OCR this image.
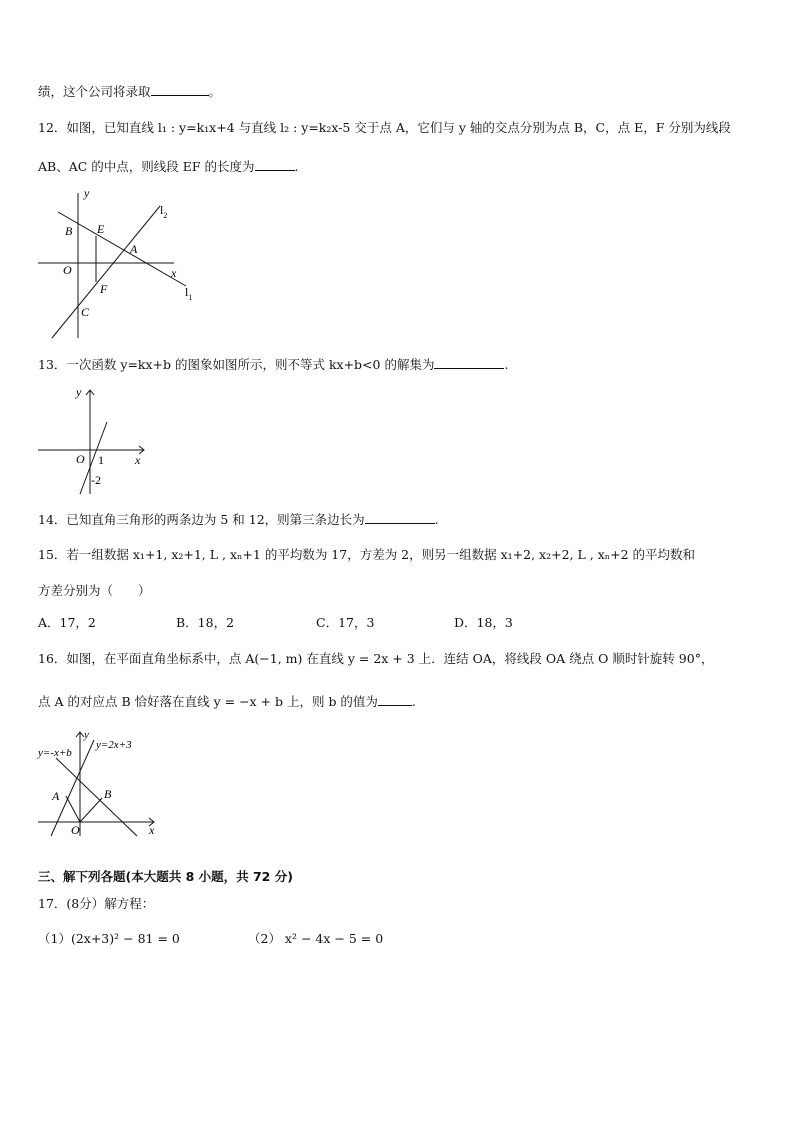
绩，这个公司将录取	。
12．如图，已知直线 l₁ : y=k₁x+4 与直线 l₂ : y=k₂x-5 交于点 A，它们与 y 轴的交点分别为点 B，C，点 E，F 分别为线段
AB、AC 的中点，则线段 EF 的长度为	.
y
x
O
B E
A
F
C
$l_1$
$l_2$
13．一次函数 y=kx+b 的图象如图所示，则不等式 kx+b<0 的解集为	.
y
x
O 1
-2
14．已知直角三角形的两条边为 5 和 12，则第三条边长为	.
15．若一组数据 x₁+1, x₂+1, L , xₙ+1 的平均数为 17，方差为 2，则另一组数据 x₁+2, x₂+2, L , xₙ+2 的平均数和
方差分别为（　　）
A．17，2	B．18，2	C．17，3	D．18，3
16．如图，在平面直角坐标系中，点 A(−1, m) 在直线 y = 2x + 3 上．连结 OA，将线段 OA 绕点 O 顺时针旋转 90°，
点 A 的对应点 B 恰好落在直线 y = −x + b 上，则 b 的值为	.
y=-x+b
y=2x+3
y
x
O
A	B
三、解下列各题(本大题共 8 小题，共 72 分)
17．(8分）解方程：
（1）(2x+3)² − 81 = 0	（2） x² − 4x − 5 = 0
